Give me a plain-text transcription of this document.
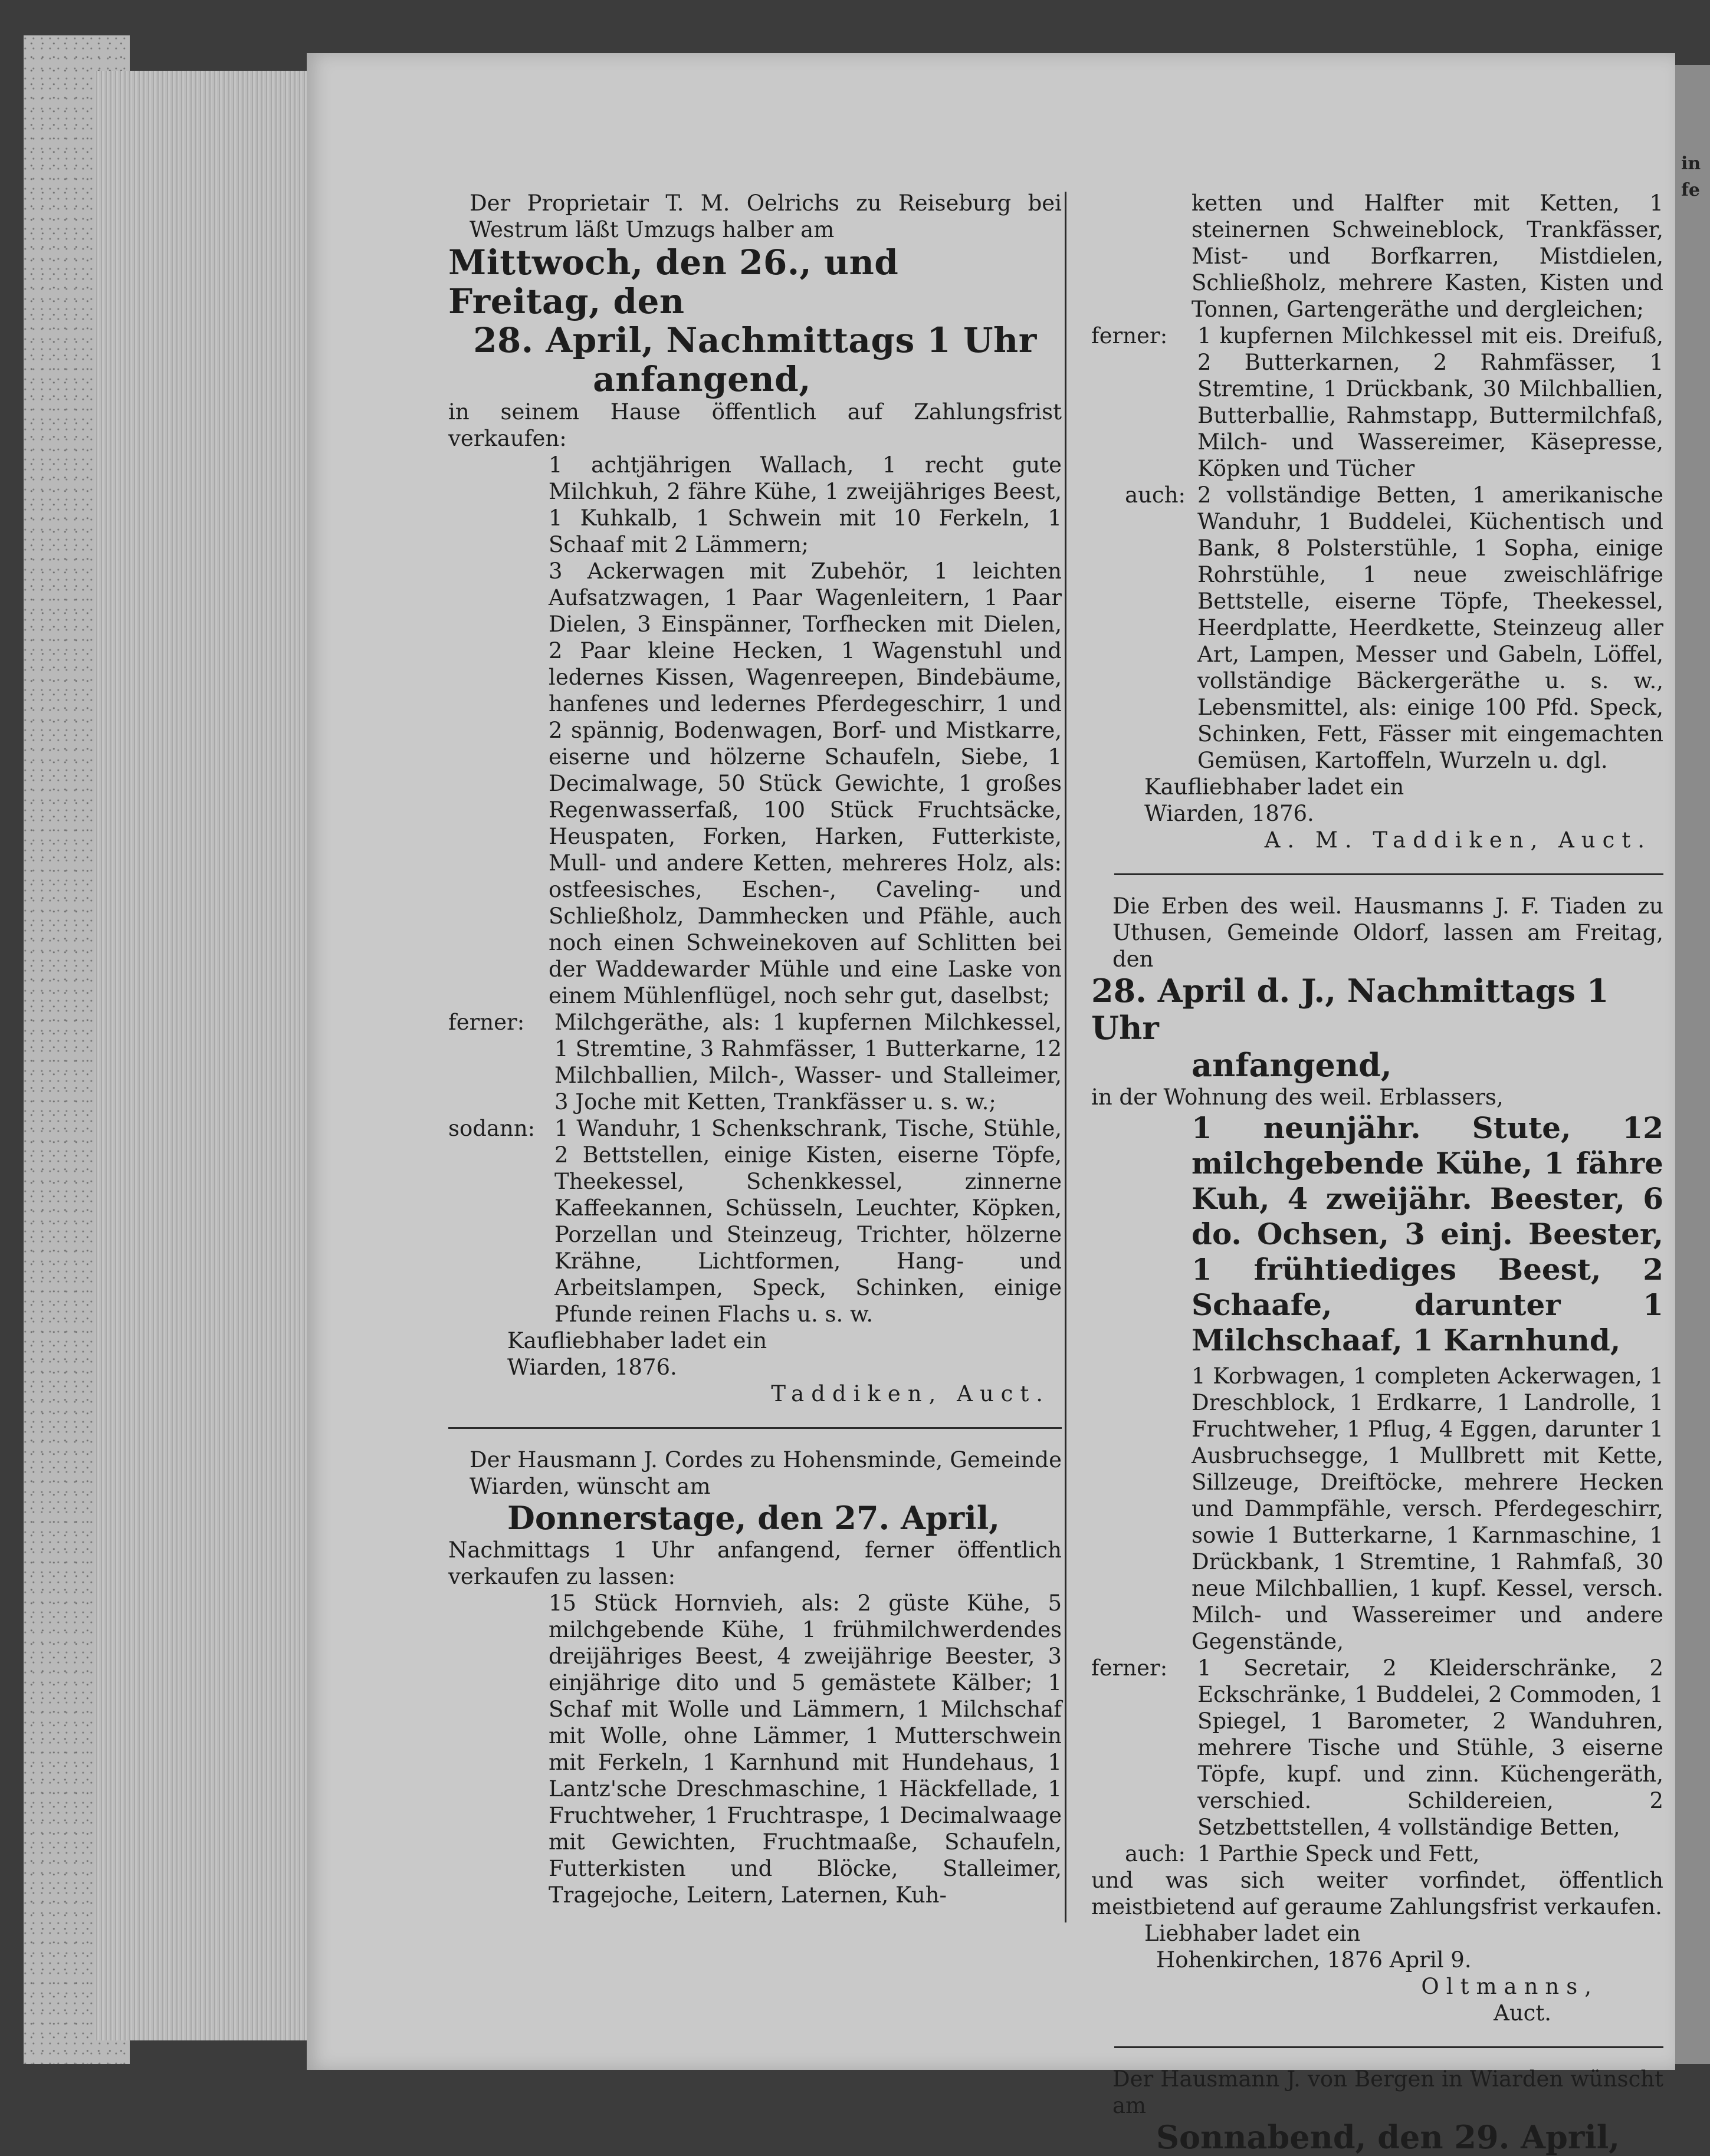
in
fe

Der Proprietair T. M. Oelrichs zu Reiseburg bei Westrum läßt Umzugs halber am

Mittwoch, den 26., und Freitag, den

28. April, Nachmittags 1 Uhr

anfangend,

in seinem Hause öffentlich auf Zahlungsfrist verkaufen:

1 achtjährigen Wallach, 1 recht gute Milchkuh, 2 fähre Kühe, 1 zweijähriges Beest, 1 Kuhkalb, 1 Schwein mit 10 Ferkeln, 1 Schaaf mit 2 Lämmern;

3 Ackerwagen mit Zubehör, 1 leichten Aufsatzwagen, 1 Paar Wagenleitern, 1 Paar Dielen, 3 Einspänner, Torfhecken mit Dielen, 2 Paar kleine Hecken, 1 Wagenstuhl und ledernes Kissen, Wagenreepen, Bindebäume, hanfenes und ledernes Pferdegeschirr, 1 und 2 spännig, Bodenwagen, Borf- und Mistkarre, eiserne und hölzerne Schaufeln, Siebe, 1 Decimalwage, 50 Stück Gewichte, 1 großes Regenwasserfaß, 100 Stück Fruchtsäcke, Heuspaten, Forken, Harken, Futterkiste, Mull- und andere Ketten, mehreres Holz, als: ostfeesisches, Eschen-, Caveling- und Schließholz, Dammhecken und Pfähle, auch noch einen Schweinekoven auf Schlitten bei der Waddewarder Mühle und eine Laske von einem Mühlenflügel, noch sehr gut, daselbst;

ferner:	Milchgeräthe, als: 1 kupfernen Milchkessel, 1 Stremtine, 3 Rahmfässer, 1 Butterkarne, 12 Milchballien, Milch-, Wasser- und Stalleimer, 3 Joche mit Ketten, Trankfässer u. s. w.;
sodann: 1 Wanduhr, 1 Schenkschrank, Tische, Stühle, 2 Bettstellen, einige Kisten, eiserne Töpfe, Theekessel, Schenkkessel, zinnerne Kaffeekannen, Schüsseln, Leuchter, Köpken, Porzellan und Steinzeug, Trichter, hölzerne Krähne, Lichtformen, Hang- und Arbeitslampen, Speck, Schinken, einige Pfunde reinen Flachs u. s. w.

Kaufliebhaber ladet ein

Wiarden, 1876.

Taddiken, Auct.

Der Hausmann J. Cordes zu Hohensminde, Gemeinde Wiarden, wünscht am

Donnerstage, den 27. April,

Nachmittags 1 Uhr anfangend, ferner öffentlich verkaufen zu lassen:

15 Stück Hornvieh, als: 2 güste Kühe, 5 milchgebende Kühe, 1 frühmilchwerdendes dreijähriges Beest, 4 zweijährige Beester, 3 einjährige dito und 5 gemästete Kälber; 1 Schaf mit Wolle und Lämmern, 1 Milchschaf mit Wolle, ohne Lämmer, 1 Mutterschwein mit Ferkeln, 1 Karnhund mit Hundehaus, 1 Lantz'sche Dreschmaschine, 1 Häckfellade, 1 Fruchtweher, 1 Fruchtraspe, 1 Decimalwaage mit Gewichten, Fruchtmaaße, Schaufeln, Futterkisten und Blöcke, Stalleimer, Tragejoche, Leitern, Laternen, Kuh-

ketten und Halfter mit Ketten, 1 steinernen Schweineblock, Trankfässer, Mist- und Borfkarren, Mistdielen, Schließholz, mehrere Kasten, Kisten und Tonnen, Gartengeräthe und dergleichen;

ferner:	1 kupfernen Milchkessel mit eis. Dreifuß, 2 Butterkarnen, 2 Rahmfässer, 1 Stremtine, 1 Drückbank, 30 Milchballien, Butterballie, Rahmstapp, Buttermilchfaß, Milch- und Wassereimer, Käsepresse, Köpken und Tücher
auch: 2 vollständige Betten, 1 amerikanische Wanduhr, 1 Buddelei, Küchentisch und Bank, 8 Polsterstühle, 1 Sopha, einige Rohrstühle, 1 neue zweischläfrige Bettstelle, eiserne Töpfe, Theekessel, Heerdplatte, Heerdkette, Steinzeug aller Art, Lampen, Messer und Gabeln, Löffel, vollständige Bäckergeräthe u. s. w., Lebensmittel, als: einige 100 Pfd. Speck, Schinken, Fett, Fässer mit eingemachten Gemüsen, Kartoffeln, Wurzeln u. dgl.

Kaufliebhaber ladet ein

Wiarden, 1876.

A. M. Taddiken, Auct.

Die Erben des weil. Hausmanns J. F. Tiaden zu Uthusen, Gemeinde Oldorf, lassen am Freitag, den

28. April d. J., Nachmittags 1 Uhr

anfangend,

in der Wohnung des weil. Erblassers,

1 neunjähr. Stute, 12 milchgebende Kühe, 1 fähre Kuh, 4 zweijähr. Beester, 6 do. Ochsen, 3 einj. Beester, 1 frühtiediges Beest, 2 Schaafe, darunter 1 Milchschaaf, 1 Karnhund,

1 Korbwagen, 1 completen Ackerwagen, 1 Dreschblock, 1 Erdkarre, 1 Landrolle, 1 Fruchtweher, 1 Pflug, 4 Eggen, darunter 1 Ausbruchsegge, 1 Mullbrett mit Kette, Sillzeuge, Dreiftöcke, mehrere Hecken und Dammpfähle, versch. Pferdegeschirr, sowie 1 Butterkarne, 1 Karnmaschine, 1 Drückbank, 1 Stremtine, 1 Rahmfaß, 30 neue Milchballien, 1 kupf. Kessel, versch. Milch- und Wassereimer und andere Gegenstände,

ferner:	1 Secretair, 2 Kleiderschränke, 2 Eckschränke, 1 Buddelei, 2 Commoden, 1 Spiegel, 1 Barometer, 2 Wanduhren, mehrere Tische und Stühle, 3 eiserne Töpfe, kupf. und zinn. Küchengeräth, verschied. Schildereien, 2 Setzbettstellen, 4 vollständige Betten,
auch: 1 Parthie Speck und Fett,

und was sich weiter vorfindet, öffentlich meistbietend auf geraume Zahlungsfrist verkaufen.

Liebhaber ladet ein

Hohenkirchen, 1876 April 9.

Oltmanns,

Auct.

Der Hausmann J. von Bergen in Wiarden wünscht am

Sonnabend, den 29. April,
